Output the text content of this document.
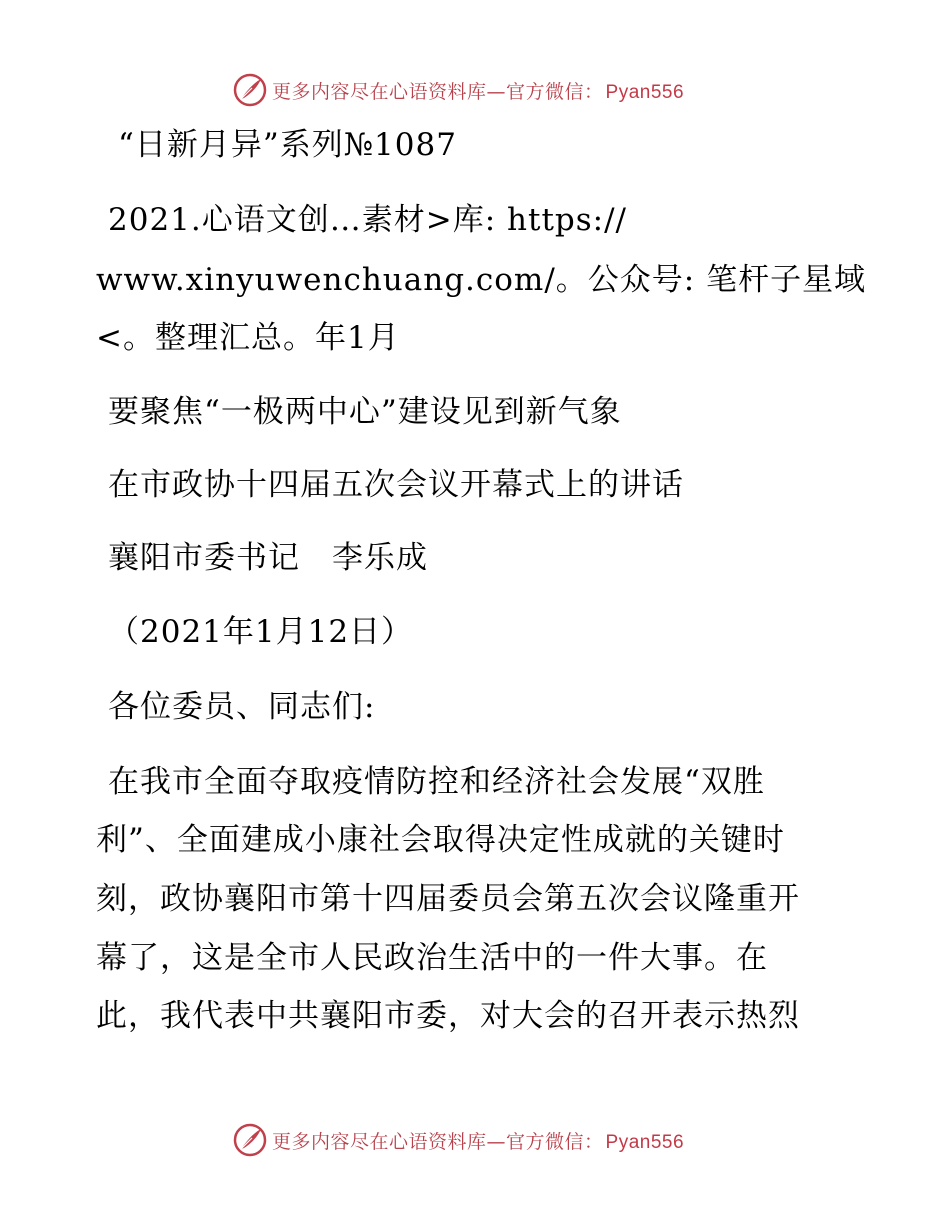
更多内容尽在心语资料库—官方微信： Pyan556
“日新月异”系列№1087
2021.心语文创…素材>库: https://
www.xinyuwenchuang.com/。公众号: 笔杆子星域
<。整理汇总。年1月
要聚焦“一极两中心”建设见到新气象
在市政协十四届五次会议开幕式上的讲话
襄阳市委书记　李乐成
（2021年1月12日）
各位委员、同志们:
在我市全面夺取疫情防控和经济社会发展“双胜
利”、全面建成小康社会取得决定性成就的关键时
刻，政协襄阳市第十四届委员会第五次会议隆重开
幕了，这是全市人民政治生活中的一件大事。在
此，我代表中共襄阳市委，对大会的召开表示热烈
更多内容尽在心语资料库—官方微信： Pyan556
